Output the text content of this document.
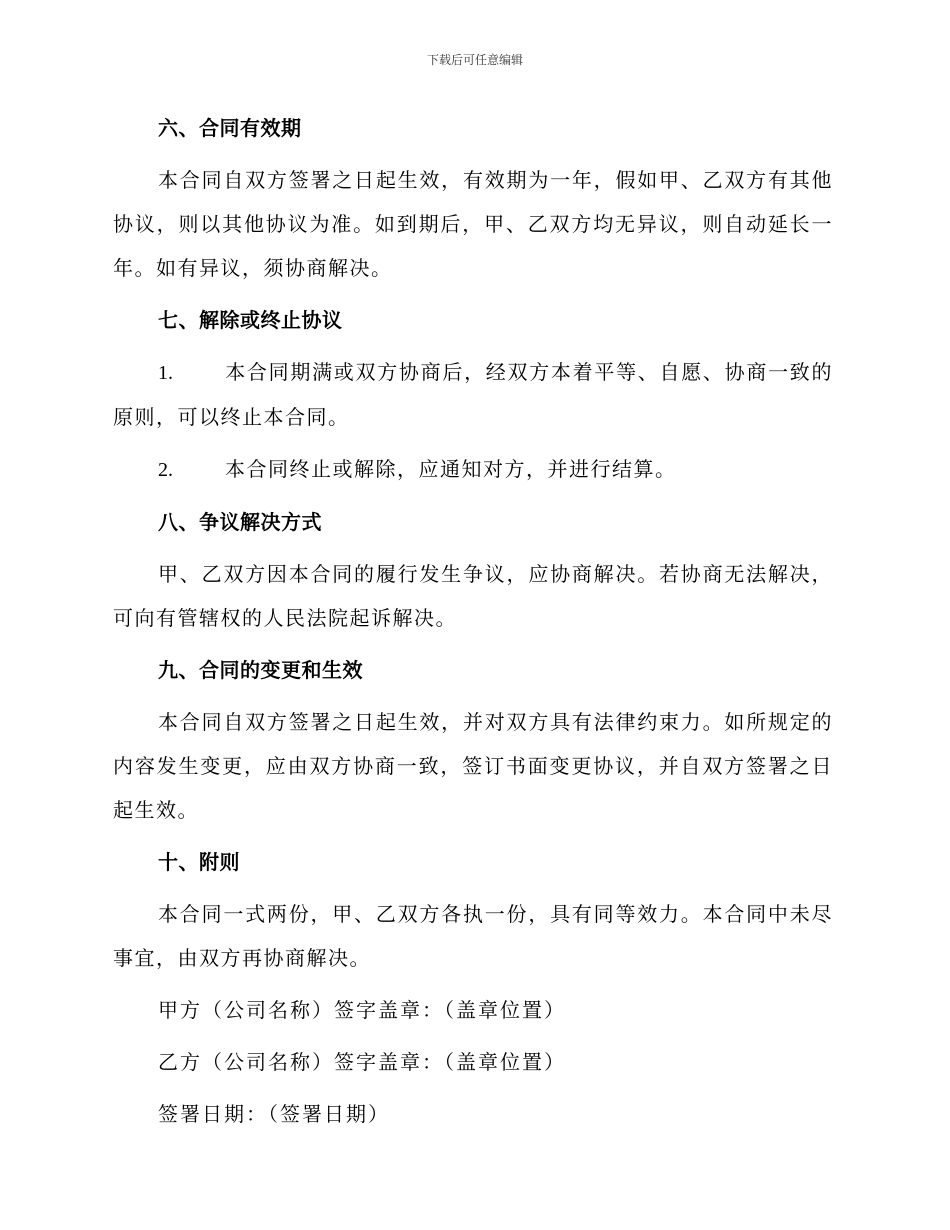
下载后可任意编辑
六、合同有效期

本合同自双方签署之日起生效，有效期为一年，假如甲、乙双方有其他协议，则以其他协议为准。如到期后，甲、乙双方均无异议，则自动延长一年。如有异议，须协商解决。

七、解除或终止协议

1.	本合同期满或双方协商后，经双方本着平等、自愿、协商一致的原则，可以终止本合同。

2.	本合同终止或解除，应通知对方，并进行结算。

八、争议解决方式

甲、乙双方因本合同的履行发生争议，应协商解决。若协商无法解决，可向有管辖权的人民法院起诉解决。

九、合同的变更和生效

本合同自双方签署之日起生效，并对双方具有法律约束力。如所规定的内容发生变更，应由双方协商一致，签订书面变更协议，并自双方签署之日起生效。

十、附则

本合同一式两份，甲、乙双方各执一份，具有同等效力。本合同中未尽事宜，由双方再协商解决。

甲方（公司名称）签字盖章：（盖章位置）

乙方（公司名称）签字盖章：（盖章位置）

签署日期：（签署日期）
